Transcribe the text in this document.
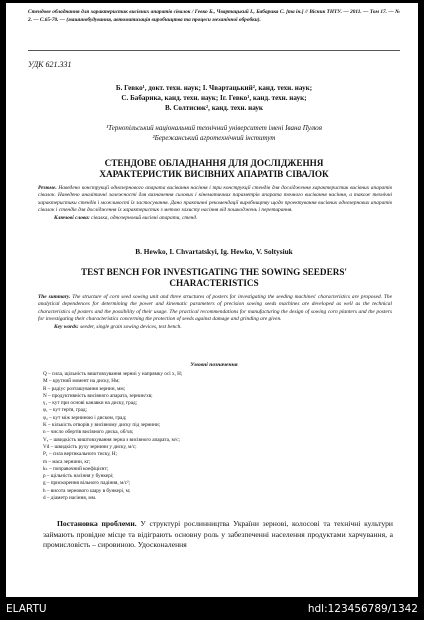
Стендове обладнання для характеристик висівних апаратів сівалок / Гевко Б., Чвартацький І., Бабарика С. [та ін.] // Вісник ТНТУ. — 2011. — Том 17. — № 2. — С.65-70. — (машинобудування, автоматизація виробництва та процеси механічної обробки).
УДК 621.331
Б. Гевко¹, докт. техн. наук; І. Чвартацький², канд. техн. наук;
С. Бабарика, канд. техн. наук; Іг. Гевко¹, канд. техн. наук;
В. Солтисюк², канд. техн. наук
¹Тернопільський національний технічний університет імені Івана Пулюя
²Бережанський агротехнічний інститут
СТЕНДОВЕ ОБЛАДНАННЯ ДЛЯ ДОСЛІДЖЕННЯ
ХАРАКТЕРИСТИК ВИСІВНИХ АПАРАТІВ СІВАЛОК
Резюме. Наведено конструкції однозернового апарата висівання насіння і три конструкції стендів для дослідження характеристик висівних апаратів сівалок. Наведено аналітичні залежності для визначення силових і кінематичних параметрів апарата точного висівання насіння, а також технічні характеристики стендів і можливості їх застосування. Дано практичні рекомендації виробництву щодо проектування висівних однозернових апаратів сівалок і стендів для дослідження їх характеристик з метою захисту насіння від пошкоджень і перетирання.
Ключові слова: сівалка, однозерновий висівні апарати, стенд.
B. Hewko, I. Chvartatskyi, Ig. Hewko, V. Soltysiuk
TEST BENCH FOR INVESTIGATING THE SOWING SEEDERS'
CHARACTERISTICS
The summary. The structure of corn seed sowing unit and three structures of posters for investigating the seeding machines' characteristics are proposed. The analytical dependences for determining the power and kinematic parameters of precision sowing seeds machines are developed as well as the technical characteristics of posters and the possibility of their usage. The practical recommendations for manufacturing the design of sowing corn planters and the posters for investigating their characteristics concerning the protection of seeds against damage and grinding are given.
Key words: seeder, single grain sowing devices, test bench.
Умовні позначення
Q – сила, щільність виштовхування зерниі у напрямку осі x, Н;
M – крутний момент на диску, Нм;
R – радіус розташування зернин, мм;
N – продуктивність висівного апарата, зернин/хв;
γ₁ – кут при основі канавки на диску, град;
φ₁ – кут тертя, град;
φ₂ – кут між зерниною і диском, град;
K – кількість отворів у висівному диску під зернини;
n – число обертів висівного диска, об/хв;
Vₓ – швидкість виштовхування зерна з висівного апарата, м/с;
Vd – швидкість руху зернини у диску, м/с;
P₁ – сила вертикального тиску, Н;
m – маса зернини, кг;
kₖ – поправочний коефіцієнт;
p – щільність насіння у бункері;
g – прискорення вільного падіння, м/с²;
h – висота зернового шару в бункері, м;
d – діаметр насіння, мм.
Постановка проблеми. У структурі рослинництва України зернові, колосові та технічні культури займають провідне місце та відіграють основну роль у забезпеченні населення продуктами харчування, а промисловість – сировиною. Удосконалення
ELARTU	hdl:123456789/1342
